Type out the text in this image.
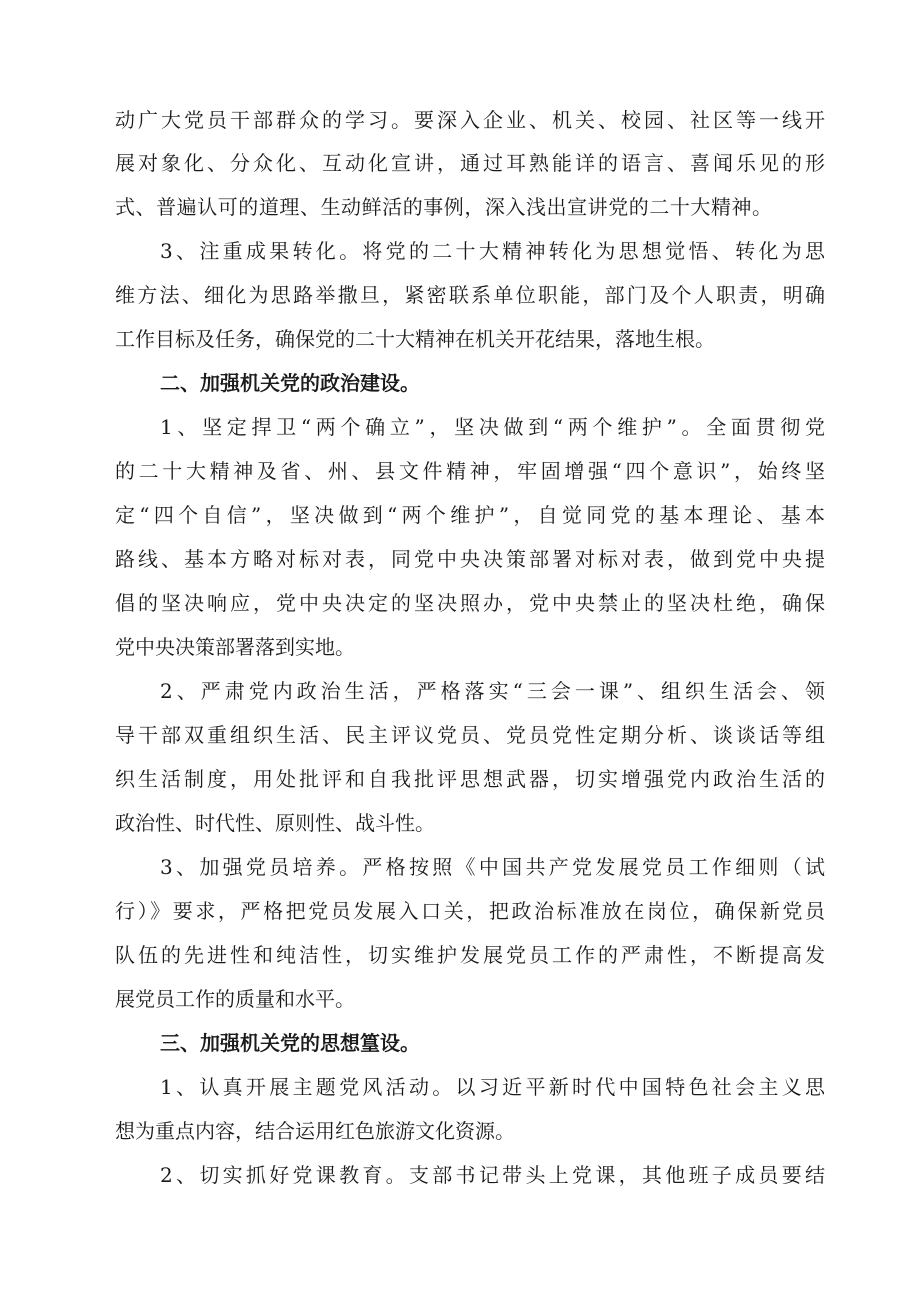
动广大党员干部群众的学习。要深入企业、机关、校园、社区等一线开
展对象化、分众化、互动化宣讲，通过耳熟能详的语言、喜闻乐见的形
式、普遍认可的道理、生动鲜活的事例，深入浅出宣讲党的二十大精神。
3、注重成果转化。将党的二十大精神转化为思想觉悟、转化为思
维方法、细化为思路举撒旦，紧密联系单位职能，部门及个人职责，明确
工作目标及任务，确保党的二十大精神在机关开花结果，落地生根。
二、加强机关党的政治建设。
1、坚定捍卫“两个确立”，坚决做到“两个维护”。全面贯彻党
的二十大精神及省、州、县文件精神，牢固增强“四个意识”，始终坚
定“四个自信”，坚决做到“两个维护”，自觉同党的基本理论、基本
路线、基本方略对标对表，同党中央决策部署对标对表，做到党中央提
倡的坚决响应，党中央决定的坚决照办，党中央禁止的坚决杜绝，确保
党中央决策部署落到实地。
2、严肃党内政治生活，严格落实“三会一课”、组织生活会、领
导干部双重组织生活、民主评议党员、党员党性定期分析、谈谈话等组
织生活制度，用处批评和自我批评思想武器，切实增强党内政治生活的
政治性、时代性、原则性、战斗性。
3、加强党员培养。严格按照《中国共产党发展党员工作细则（试
行）》要求，严格把党员发展入口关，把政治标准放在岗位，确保新党员
队伍的先进性和纯洁性，切实维护发展党员工作的严肃性，不断提高发
展党员工作的质量和水平。
三、加强机关党的思想篁设。
1、认真开展主题党风活动。以习近平新时代中国特色社会主义思
想为重点内容，结合运用红色旅游文化资源。
2、切实抓好党课教育。支部书记带头上党课，其他班子成员要结
